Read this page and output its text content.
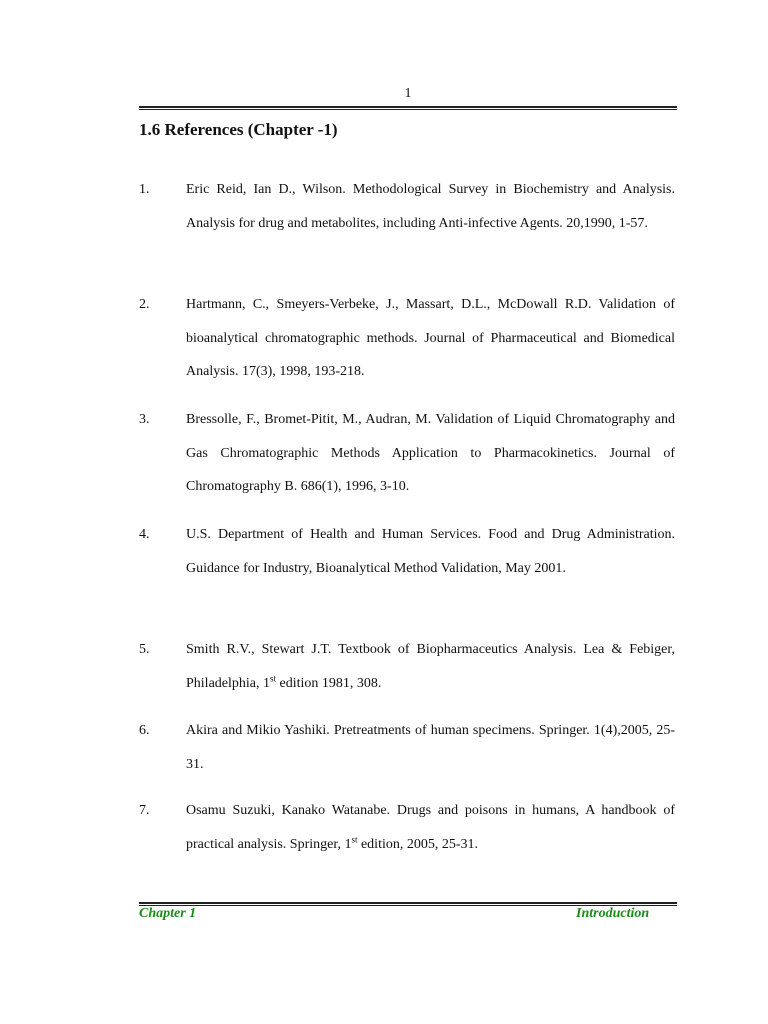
1
1.6 References (Chapter -1)
1.	Eric Reid, Ian D., Wilson. Methodological Survey in Biochemistry and Analysis. Analysis for drug and metabolites, including Anti-infective Agents. 20,1990, 1-57.
2.	Hartmann, C., Smeyers-Verbeke, J., Massart, D.L., McDowall R.D. Validation of bioanalytical chromatographic methods. Journal of Pharmaceutical and Biomedical Analysis. 17(3), 1998, 193-218.
3.	Bressolle, F., Bromet-Pitit, M., Audran, M. Validation of Liquid Chromatography and Gas Chromatographic Methods Application to Pharmacokinetics. Journal of Chromatography B. 686(1), 1996, 3-10.
4.	U.S. Department of Health and Human Services. Food and Drug Administration. Guidance for Industry, Bioanalytical Method Validation, May 2001.
5.	Smith R.V., Stewart J.T. Textbook of Biopharmaceutics Analysis. Lea & Febiger, Philadelphia, 1st edition 1981, 308.
6.	Akira and Mikio Yashiki. Pretreatments of human specimens. Springer. 1(4),2005, 25-31.
7.	Osamu Suzuki, Kanako Watanabe. Drugs and poisons in humans, A handbook of practical analysis. Springer, 1st edition, 2005, 25-31.
Chapter 1	Introduction
